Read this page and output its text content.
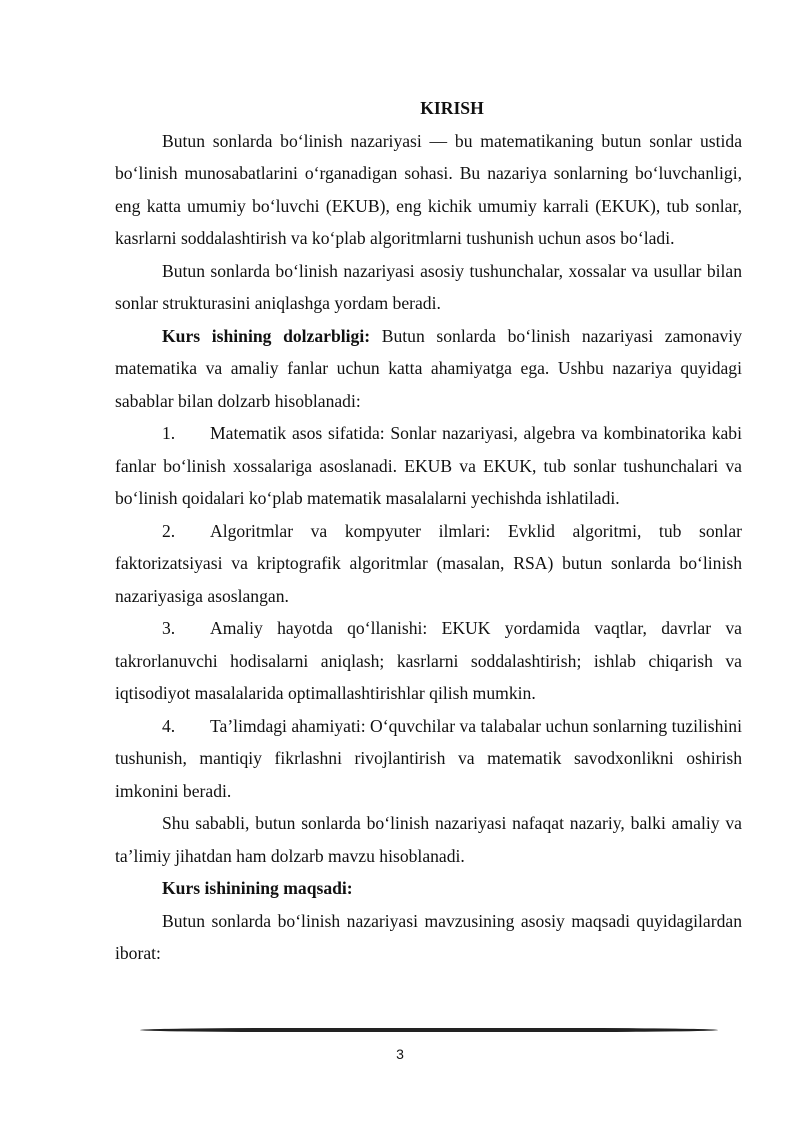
KIRISH

Butun sonlarda bo‘linish nazariyasi — bu matematikaning butun sonlar ustida bo‘linish munosabatlarini o‘rganadigan sohasi. Bu nazariya sonlarning bo‘luvchanligi, eng katta umumiy bo‘luvchi (EKUB), eng kichik umumiy karrali (EKUK), tub sonlar, kasrlarni soddalashtirish va ko‘plab algoritmlarni tushunish uchun asos bo‘ladi.

Butun sonlarda bo‘linish nazariyasi asosiy tushunchalar, xossalar va usullar bilan sonlar strukturasini aniqlashga yordam beradi.

Kurs ishining dolzarbligi: Butun sonlarda bo‘linish nazariyasi zamonaviy matematika va amaliy fanlar uchun katta ahamiyatga ega. Ushbu nazariya quyidagi sabablar bilan dolzarb hisoblanadi:

1. Matematik asos sifatida: Sonlar nazariyasi, algebra va kombinatorika kabi fanlar bo‘linish xossalariga asoslanadi. EKUB va EKUK, tub sonlar tushunchalari va bo‘linish qoidalari ko‘plab matematik masalalarni yechishda ishlatiladi.

2. Algoritmlar va kompyuter ilmlari: Evklid algoritmi, tub sonlar faktorizatsiyasi va kriptografik algoritmlar (masalan, RSA) butun sonlarda bo‘linish nazariyasiga asoslangan.

3. Amaliy hayotda qo‘llanishi: EKUK yordamida vaqtlar, davrlar va takrorlanuvchi hodisalarni aniqlash; kasrlarni soddalashtirish; ishlab chiqarish va iqtisodiyot masalalarida optimallashtirishlar qilish mumkin.

4. Ta’limdagi ahamiyati: O‘quvchilar va talabalar uchun sonlarning tuzilishini tushunish, mantiqiy fikrlashni rivojlantirish va matematik savodxonlikni oshirish imkonini beradi.

Shu sababli, butun sonlarda bo‘linish nazariyasi nafaqat nazariy, balki amaliy va ta’limiy jihatdan ham dolzarb mavzu hisoblanadi.

Kurs ishinining maqsadi:

Butun sonlarda bo‘linish nazariyasi mavzusining asosiy maqsadi quyidagilardan iborat:

3
